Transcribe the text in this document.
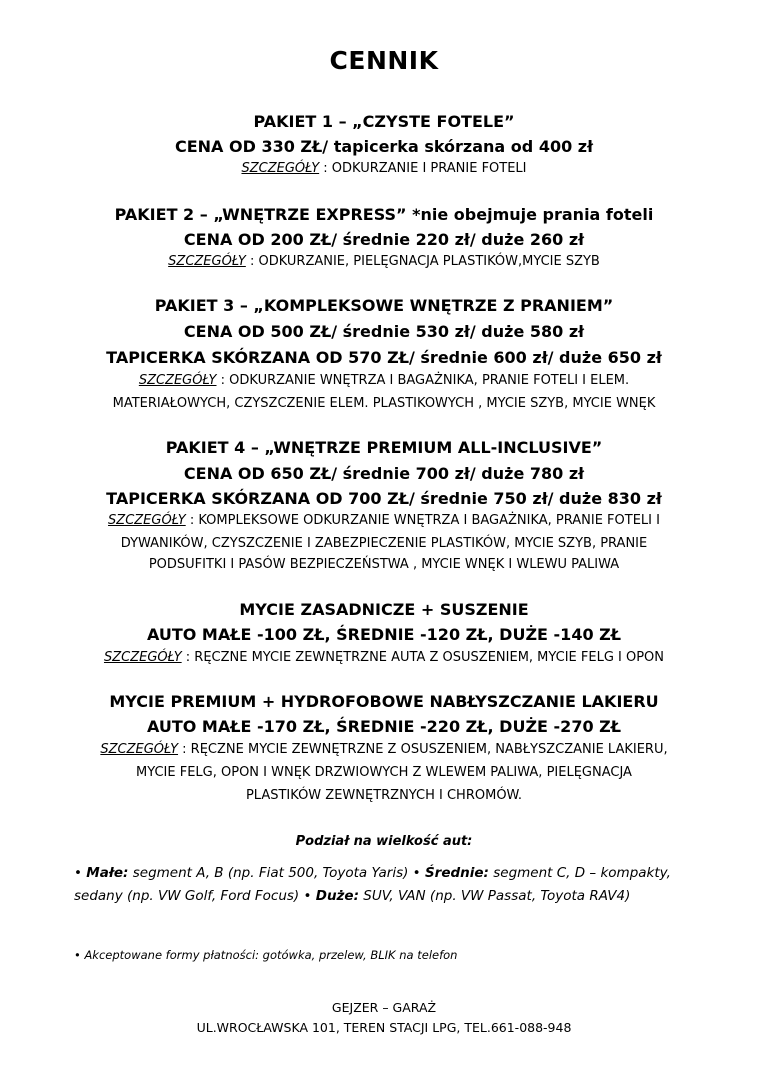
CENNIK
PAKIET 1 – „CZYSTE FOTELE”
CENA OD 330 ZŁ/ tapicerka skórzana od 400 zł
SZCZEGÓŁY : ODKURZANIE I PRANIE FOTELI
PAKIET 2 – „WNĘTRZE EXPRESS” *nie obejmuje prania foteli
CENA OD 200 ZŁ/ średnie 220 zł/ duże 260 zł
SZCZEGÓŁY : ODKURZANIE, PIELĘGNACJA PLASTIKÓW,MYCIE SZYB
PAKIET 3 – „KOMPLEKSOWE WNĘTRZE Z PRANIEM”
CENA OD 500 ZŁ/ średnie 530 zł/ duże 580 zł
TAPICERKA SKÓRZANA OD 570 ZŁ/ średnie 600 zł/ duże 650 zł
SZCZEGÓŁY : ODKURZANIE WNĘTRZA I BAGAŻNIKA, PRANIE FOTELI I ELEM.
MATERIAŁOWYCH, CZYSZCZENIE ELEM. PLASTIKOWYCH , MYCIE SZYB, MYCIE WNĘK
PAKIET 4 – „WNĘTRZE PREMIUM ALL-INCLUSIVE”
CENA OD 650 ZŁ/ średnie 700 zł/ duże 780 zł
TAPICERKA SKÓRZANA OD 700 ZŁ/ średnie 750 zł/ duże 830 zł
SZCZEGÓŁY : KOMPLEKSOWE ODKURZANIE WNĘTRZA I BAGAŻNIKA, PRANIE FOTELI I
DYWANIKÓW, CZYSZCZENIE I ZABEZPIECZENIE PLASTIKÓW, MYCIE SZYB, PRANIE
PODSUFITKI I PASÓW BEZPIECZEŃSTWA , MYCIE WNĘK I WLEWU PALIWA
MYCIE ZASADNICZE + SUSZENIE
AUTO MAŁE -100 ZŁ, ŚREDNIE -120 ZŁ, DUŻE -140 ZŁ
SZCZEGÓŁY : RĘCZNE MYCIE ZEWNĘTRZNE AUTA Z OSUSZENIEM, MYCIE FELG I OPON
MYCIE PREMIUM + HYDROFOBOWE NABŁYSZCZANIE LAKIERU
AUTO MAŁE -170 ZŁ, ŚREDNIE -220 ZŁ, DUŻE -270 ZŁ
SZCZEGÓŁY : RĘCZNE MYCIE ZEWNĘTRZNE Z OSUSZENIEM, NABŁYSZCZANIE LAKIERU,
MYCIE FELG, OPON I WNĘK DRZWIOWYCH Z WLEWEM PALIWA, PIELĘGNACJA
PLASTIKÓW ZEWNĘTRZNYCH I CHROMÓW.
Podział na wielkość aut:
• Małe: segment A, B (np. Fiat 500, Toyota Yaris) • Średnie: segment C, D – kompakty, sedany (np. VW Golf, Ford Focus) • Duże: SUV, VAN (np. VW Passat, Toyota RAV4)
• Akceptowane formy płatności: gotówka, przelew, BLIK na telefon
GEJZER – GARAŻ
UL.WROCŁAWSKA 101, TEREN STACJI LPG, TEL.661-088-948
